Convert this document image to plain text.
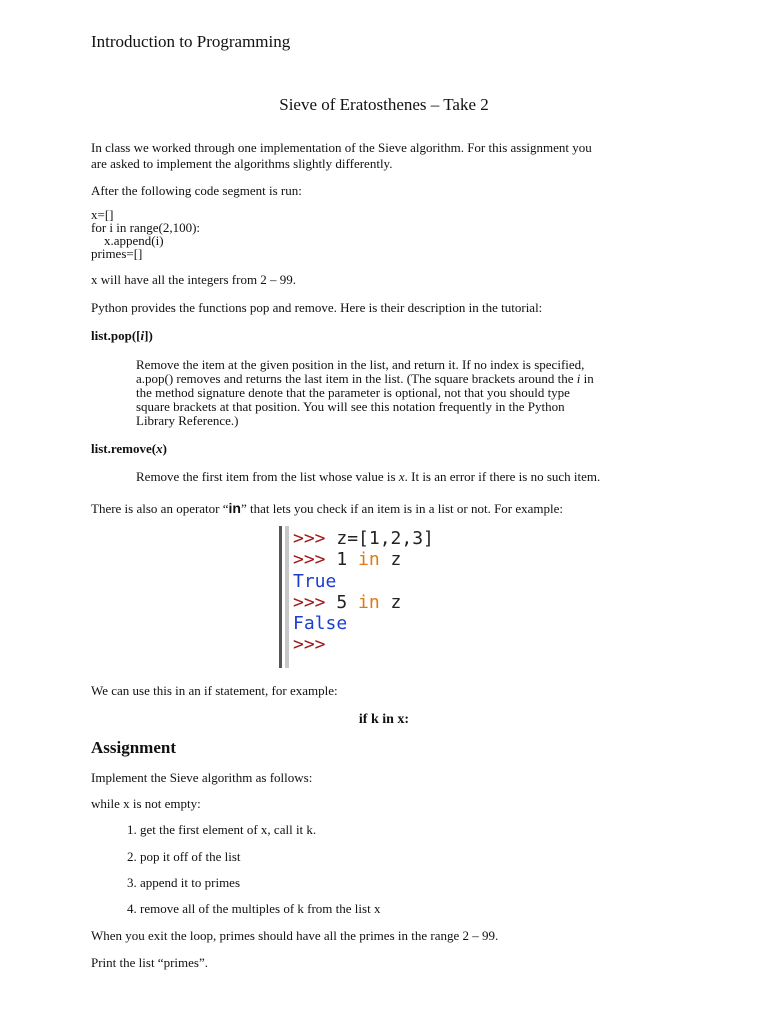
Introduction to Programming
Sieve of Eratosthenes – Take 2
In class we worked through one implementation of the Sieve algorithm. For this assignment you
are asked to implement the algorithms slightly differently.
After the following code segment is run:
x=[]
for i in range(2,100):
x.append(i)
primes=[]
x will have all the integers from 2 – 99.
Python provides the functions pop and remove. Here is their description in the tutorial:
list.pop([i])
Remove the item at the given position in the list, and return it. If no index is specified,
a.pop() removes and returns the last item in the list. (The square brackets around the i in
the method signature denote that the parameter is optional, not that you should type
square brackets at that position. You will see this notation frequently in the Python
Library Reference.)
list.remove(x)
Remove the first item from the list whose value is x. It is an error if there is no such item.
There is also an operator “in” that lets you check if an item is in a list or not. For example:
>>> z=[1,2,3]
>>> 1 in z
True
>>> 5 in z
False
>>>
We can use this in an if statement, for example:
if k in x:
Assignment
Implement the Sieve algorithm as follows:
while x is not empty:
1. get the first element of x, call it k.
2. pop it off of the list
3. append it to primes
4. remove all of the multiples of k from the list x
When you exit the loop, primes should have all the primes in the range 2 – 99.
Print the list “primes”.
